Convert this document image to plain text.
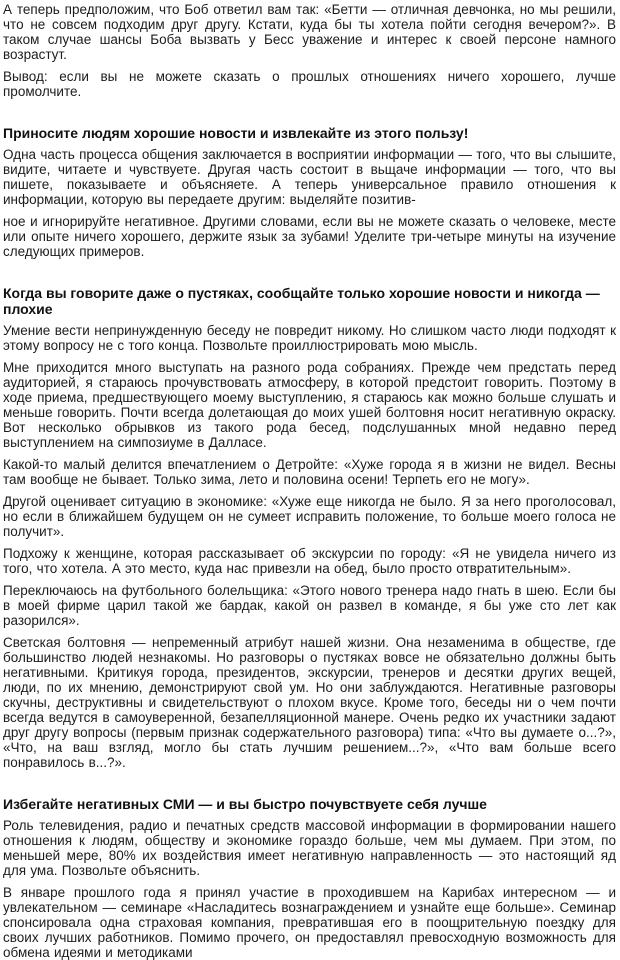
А теперь предположим, что Боб ответил вам так: «Бетти — отличная девчонка, но мы решили, что не совсем подходим друг другу. Кстати, куда бы ты хотела пойти сегодня вечером?». В таком случае шансы Боба вызвать у Бесс уважение и интерес к своей персоне намного возрастут.

Вывод: если вы не можете сказать о прошлых отношениях ничего хорошего, лучше промолчите.

Приносите людям хорошие новости и извлекайте из этого пользу!

Одна часть процесса общения заключается в восприятии информации — того, что вы слышите, видите, читаете и чувствуете. Другая часть состоит в вьщаче информации — того, что вы пишете, показываете и объясняете. А теперь универсальное правило отношения к информации, которую вы передаете другим: выделяйте позитив-

ное и игнорируйте негативное. Другими словами, если вы не можете сказать о человеке, месте или опыте ничего хорошего, держите язык за зубами! Уделите три-четыре минуты на изучение следующих примеров.

Когда вы говорите даже о пустяках, сообщайте только хорошие новости и никогда — плохие

Умение вести непринужденную беседу не повредит никому. Но слишком часто люди подходят к этому вопросу не с того конца. Позвольте проиллюстрировать мою мысль.

Мне приходится много выступать на разного рода собраниях. Прежде чем предстать перед аудиторией, я стараюсь прочувствовать атмосферу, в которой предстоит говорить. Поэтому в ходе приема, предшествующего моему выступлению, я стараюсь как можно больше слушать и меньше говорить. Почти всегда долетающая до моих ушей болтовня носит негативную окраску. Вот несколько обрывков из такого рода бесед, подслушанных мной недавно перед выступлением на симпозиуме в Далласе.

Какой-то малый делится впечатлением о Детройте: «Хуже города я в жизни не видел. Весны там вообще не бывает. Только зима, лето и половина осени! Терпеть его не могу».

Другой оценивает ситуацию в экономике: «Хуже еще никогда не было. Я за него проголосовал, но если в ближайшем будущем он не сумеет исправить положение, то больше моего голоса не получит».

Подхожу к женщине, которая рассказывает об экскурсии по городу: «Я не увидела ничего из того, что хотела. А это место, куда нас привезли на обед, было просто отвратительным».

Переключаюсь на футбольного болельщика: «Этого нового тренера надо гнать в шею. Если бы в моей фирме царил такой же бардак, какой он развел в команде, я бы уже сто лет как разорился».

Светская болтовня — непременный атрибут нашей жизни. Она незаменима в обществе, где большинство людей незнакомы. Но разговоры о пустяках вовсе не обязательно должны быть негативными. Критикуя города, президентов, экскурсии, тренеров и десятки других вещей, люди, по их мнению, демонстрируют свой ум. Но они заблуждаются. Негативные разговоры скучны, деструктивны и свидетельствуют о плохом вкусе. Кроме того, беседы ни о чем почти всегда ведутся в самоуверенной, безапелляционной манере. Очень редко их участники задают друг другу вопросы (первым признак содержательного разговора) типа: «Что вы думаете о...?», «Что, на ваш взгляд, могло бы стать лучшим решением...?», «Что вам больше всего понравилось в...?».

Избегайте негативных СМИ — и вы быстро почувствуете себя лучше

Роль телевидения, радио и печатных средств массовой информации в формировании нашего отношения к людям, обществу и экономике гораздо больше, чем мы думаем. При этом, по меньшей мере, 80% их воздействия имеет негативную направленность — это настоящий яд для ума. Позвольте объяснить.

В январе прошлого года я принял участие в проходившем на Карибах интересном — и увлекательном — семинаре «Насладитесь вознаграждением и узнайте еще больше». Семинар спонсировала одна страховая компания, превратившая его в поощрительную поездку для своих лучших работников. Помимо прочего, он предоставлял превосходную возможность для обмена идеями и методиками
